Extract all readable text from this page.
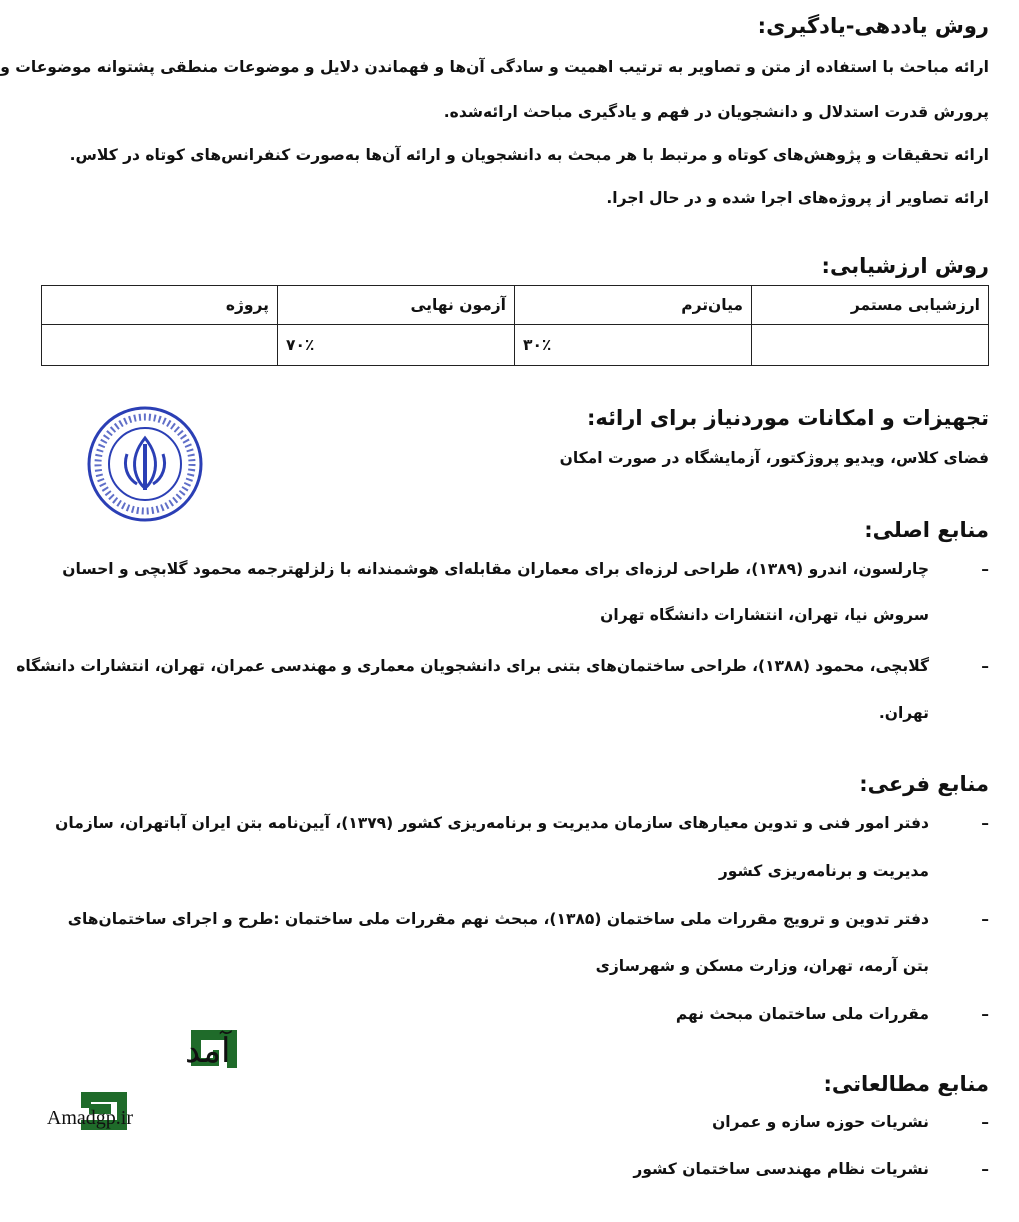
روش یاددهی-یادگیری:
ارائه مباحث با استفاده از متن و تصاویر به ترتیب اهمیت و سادگی آن‌ها و فهماندن دلایل و موضوعات منطقی پشتوانه موضوعات و
پرورش قدرت استدلال و دانشجویان در فهم و یادگیری مباحث ارائه‌شده.
ارائه تحقیقات و پژوهش‌های کوتاه و مرتبط با هر مبحث به دانشجویان و ارائه آن‌ها به‌صورت کنفرانس‌های کوتاه در کلاس.
ارائه تصاویر از پروژه‌های اجرا شده و در حال اجرا.
روش ارزشیابی:
ارزشیابی مستمر	میان‌ترم	آزمون نهایی	پروژه
	۳۰٪	۷۰٪	
تجهیزات و امکانات موردنیاز برای ارائه:
فضای کلاس، ویدیو پروژکتور، آزمایشگاه در صورت امکان
منابع اصلی:
–
چارلسون، اندرو (۱۳۸۹)، طراحی لرزه‌ای برای معماران مقابله‌ای هوشمندانه با زلزلهترجمه محمود گلابچی و احسان
سروش نیا، تهران، انتشارات دانشگاه تهران
–
گلابچی، محمود (۱۳۸۸)، طراحی ساختمان‌های بتنی برای دانشجویان معماری و مهندسی عمران، تهران، انتشارات دانشگاه
تهران.
منابع فرعی:
–
دفتر امور فنی و تدوین معیارهای سازمان مدیریت و برنامه‌ریزی کشور (۱۳۷۹)، آیین‌نامه بتن ایران آباتهران، سازمان
مدیریت و برنامه‌ریزی کشور
–
دفتر تدوین و ترویج مقررات ملی ساختمان (۱۳۸۵)، مبحث نهم مقررات ملی ساختمان :طرح و اجرای ساختمان‌های
بتن آرمه، تهران، وزارت مسکن و شهرسازی
–
مقررات ملی ساختمان مبحث نهم
منابع مطالعاتی:
–
نشریات حوزه سازه و عمران
–
نشریات نظام مهندسی ساختمان کشور
آمد
Amadgp.ir
